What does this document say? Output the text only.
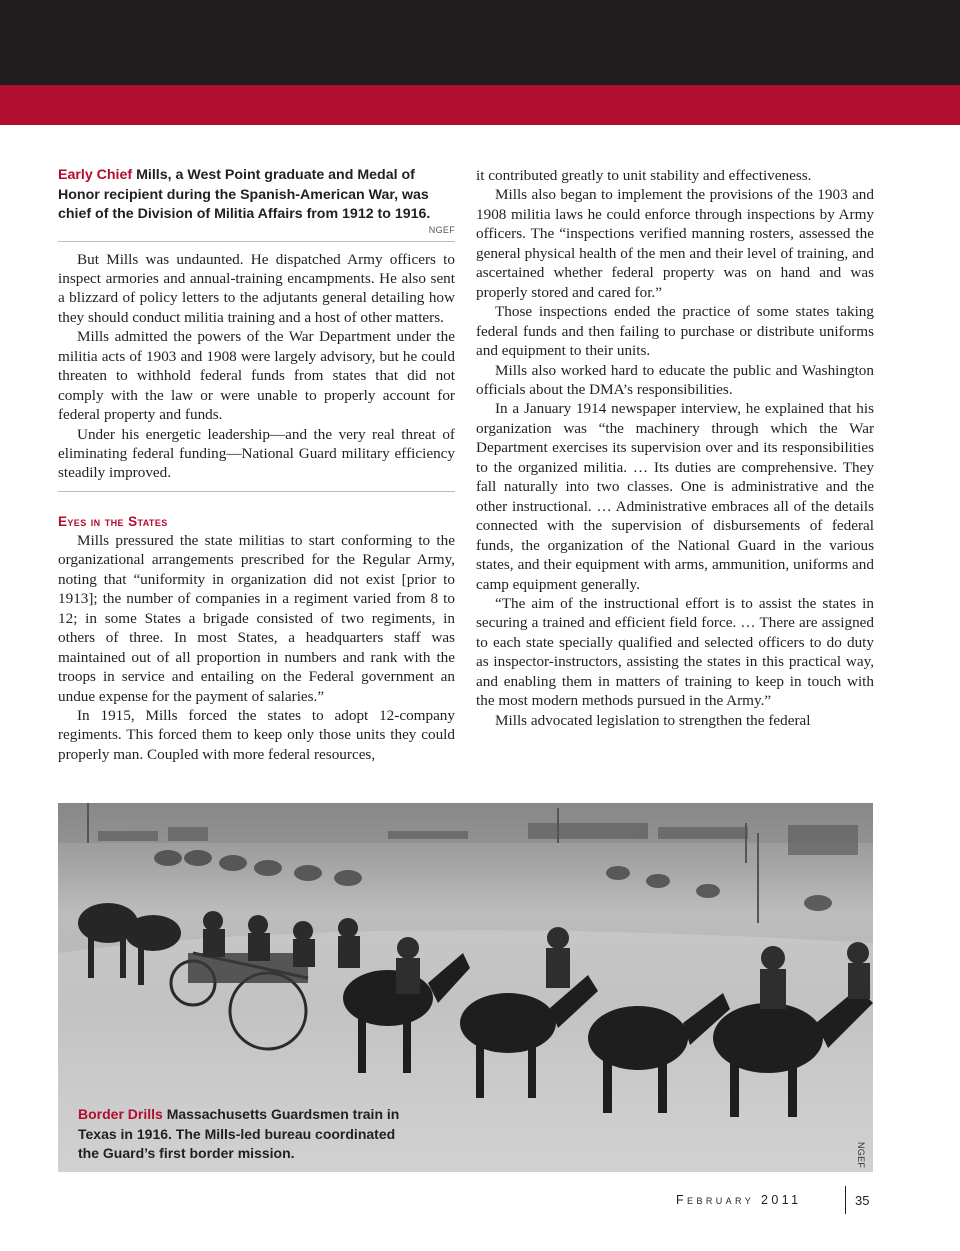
Early Chief Mills, a West Point graduate and Medal of Honor recipient during the Spanish-American War, was chief of the Division of Militia Affairs from 1912 to 1916.

NGEF

But Mills was undaunted. He dispatched Army officers to inspect armories and annual-training encampments. He also sent a blizzard of policy letters to the adjutants general detailing how they should conduct militia training and a host of other matters.

Mills admitted the powers of the War Department under the militia acts of 1903 and 1908 were largely advisory, but he could threaten to withhold federal funds from states that did not comply with the law or were unable to properly account for federal property and funds.

Under his energetic leadership—and the very real threat of eliminating federal funding—National Guard military efficiency steadily improved.

Eyes in the States

Mills pressured the state militias to start conforming to the organizational arrangements prescribed for the Regular Army, noting that “uniformity in organization did not exist [prior to 1913]; the number of companies in a regiment varied from 8 to 12; in some States a brigade consisted of two regiments, in others of three. In most States, a headquarters staff was maintained out of all proportion in numbers and rank with the troops in service and entailing on the Federal government an undue expense for the payment of salaries.”

In 1915, Mills forced the states to adopt 12-company regiments. This forced them to keep only those units they could properly man. Coupled with more federal resources,

it contributed greatly to unit stability and effectiveness.

Mills also began to implement the provisions of the 1903 and 1908 militia laws he could enforce through inspections by Army officers. The “inspections verified manning rosters, assessed the general physical health of the men and their level of training, and ascertained whether federal property was on hand and was properly stored and cared for.”

Those inspections ended the practice of some states taking federal funds and then failing to purchase or distribute uniforms and equipment to their units.

Mills also worked hard to educate the public and Washington officials about the DMA’s responsibilities.

In a January 1914 newspaper interview, he explained that his organization was “the machinery through which the War Department exercises its supervision over and its responsibilities to the organized militia. … Its duties are comprehensive. They fall naturally into two classes. One is administrative and the other instructional. … Administrative embraces all of the details connected with the supervision of disbursements of federal funds, the organization of the National Guard in the various states, and their equipment with arms, ammunition, uniforms and camp equipment generally.

“The aim of the instructional effort is to assist the states in securing a trained and efficient field force. … There are assigned to each state specially qualified and selected officers to do duty as inspector-instructors, assisting the states in this practical way, and enabling them in matters of training to keep in touch with the most modern methods pursued in the Army.”

Mills advocated legislation to strengthen the federal

Border Drills Massachusetts Guardsmen train in Texas in 1916. The Mills-led bureau coordinated the Guard’s first border mission.	NGEF
February 2011	35
